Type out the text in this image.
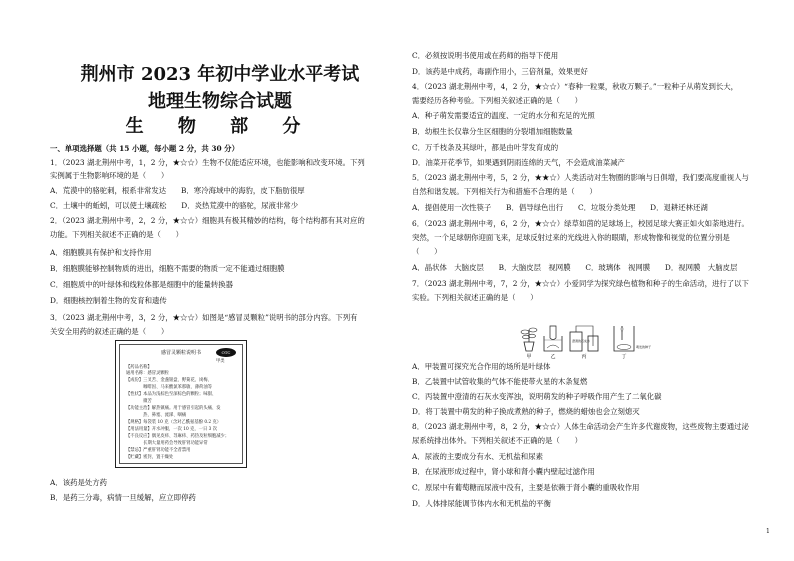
荆州市 2023 年初中学业水平考试
地理生物综合试题
生 物 部 分
一、单项选择题（共 15 小题，每小题 2 分，共 30 分）
1．（2023 湖北荆州中考，1，2 分，★☆☆）生物不仅能适应环境，也能影响和改变环境。下列
实例属于生物影响环境的是（　　）
A．荒漠中的骆驼刺，根系非常发达　　B．寒冷海域中的海豹，皮下脂肪很厚
C．土壤中的蚯蚓，可以使土壤疏松　　D．炎热荒漠中的骆驼，尿液非常少
2．（2023 湖北荆州中考，2，2 分，★☆☆）细胞具有极其精妙的结构，每个结构都有其对应的
功能。下列相关叙述不正确的是（　　）
A．细胞膜具有保护和支持作用
B．细胞膜能够控制物质的进出，细胞不需要的物质一定不能通过细胞膜
C．细胞质中的叶绿体和线粒体都是细胞中的能量转换器
D．细胞核控制着生物的发育和遗传
3．（2023 湖北荆州中考，3，2 分，★☆☆）如图是“感冒灵颗粒”说明书的部分内容。下列有
关安全用药的叙述正确的是（　　）
A．该药是处方药
B．是药三分毒，病情一旦缓解，应立即停药
感冒灵颗粒说明书	OTC
甲类
【药品名称】
通用名称：感冒灵颗粒
【成份】三叉苦、金盏银盘、野菊花、岗梅、
　　　　咖啡因、马来酸氯苯那敏、薄荷油等
【性状】本品为浅棕色至深棕色的颗粒；味甜、
　　　　微苦
【功能主治】解热镇痛。用于感冒引起的头痛、发
　　　　热、鼻塞、流涕、咽痛
【规格】每袋装 10 克（含对乙酰氨基酚 0.2 克）
【用法用量】开水冲服，一次 10 克，一日 3 次
【不良反应】偶见皮疹、荨麻疹、药热及粒细胞减少；
　　　　长期大量用药会导致肝肾功能异常
【禁忌】严重肝肾功能不全者禁用
【贮藏】密封，置干燥处
C．必须按说明书使用或在药师的指导下使用
D．该药是中成药，毒副作用小，三倍剂量，效果更好
4．（2023 湖北荆州中考，4，2 分，★☆☆）“春种一粒粟，秋收万颗子。”一粒种子从萌发到长大，
需要经历各种考验。下列相关叙述正确的是（　　）
A．种子萌发需要适宜的温度、一定的水分和充足的光照
B．幼根生长仅靠分生区细胞的分裂增加细胞数量
C．万千枝条及其绿叶，都是由叶芽发育成的
D．油菜开花季节，如果遇到阴雨连绵的天气，不会造成油菜减产
5．（2023 湖北荆州中考，5，2 分，★★☆）人类活动对生物圈的影响与日俱增，我们要高度重视人与
自然和谐发展。下列相关行为和措施不合理的是（　　）
A．提倡使用一次性筷子　　B．倡导绿色出行　　C．垃圾分类处理　　D．退耕还林还湖
6．（2023 湖北荆州中考，6，2 分，★☆☆）绿草如茵的足球场上，校园足球大赛正如火如荼地进行。
突然，一个足球朝你迎面飞来，足球反射过来的光线进入你的眼睛，形成物像和视觉的位置分别是
（　　）
A．晶状体　大脑皮层　　B．大脑皮层　视网膜　　C．玻璃体　视网膜　　D．视网膜　大脑皮层
7．（2023 湖北荆州中考，7，2 分，★☆☆）小爱同学为探究绿色植物和种子的生命活动，进行了以下
实验。下列相关叙述正确的是（　　）
A．甲装置可探究光合作用的场所是叶绿体
B．乙装置中试管收集的气体不能使带火星的木条复燃
C．丙装置中澄清的石灰水变浑浊，说明萌发的种子呼吸作用产生了二氧化碳
D．将丁装置中萌发的种子换成煮熟的种子，燃烧的蜡烛也会立刻熄灭
8．（2023 湖北荆州中考，8，2 分，★☆☆）人体生命活动会产生许多代谢废物，这些废物主要通过泌
尿系统排出体外。下列相关叙述不正确的是（　　）
A．尿液的主要成分有水、无机盐和尿素
B．在尿液形成过程中，肾小球和肾小囊内壁起过滤作用
C．原尿中有葡萄糖而尿液中没有，主要是依赖于肾小囊的重吸收作用
D．人体排尿能调节体内水和无机盐的平衡
甲	乙
澄清的石灰水
丙
萌发的种子
丁
1
